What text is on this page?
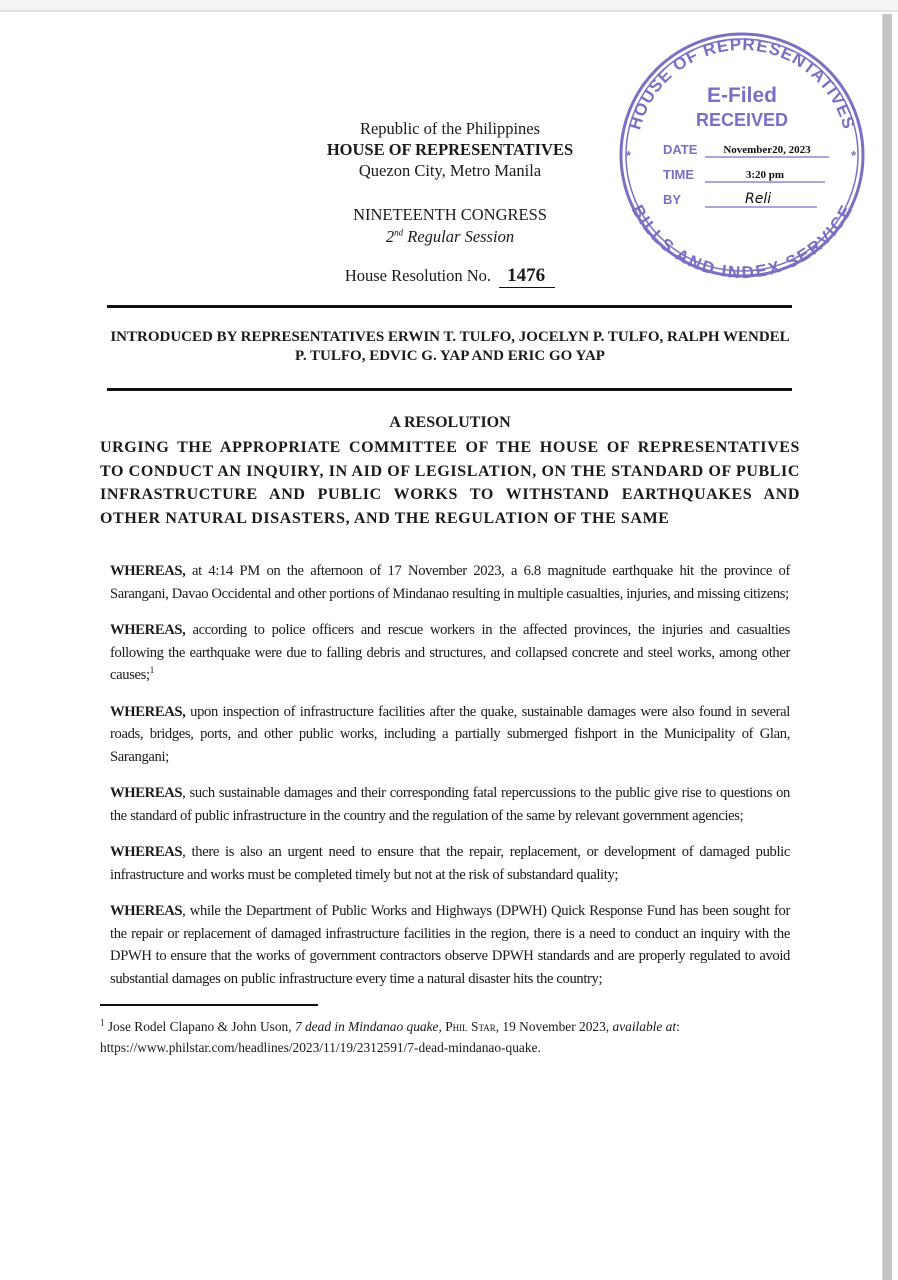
Republic of the Philippines
HOUSE OF REPRESENTATIVES
Quezon City, Metro Manila
NINETEENTH CONGRESS
2nd Regular Session
House Resolution No. 1476
HOUSE OF REPRESENTATIVES
BILLS AND INDEX SERVICE
*	*
E-Filed
RECEIVED
DATE
TIME
BY
November20, 2023
3:20 pm
Reli
INTRODUCED BY REPRESENTATIVES ERWIN T. TULFO, JOCELYN P. TULFO, RALPH WENDEL P. TULFO, EDVIC G. YAP AND ERIC GO YAP
A RESOLUTION
URGING THE APPROPRIATE COMMITTEE OF THE HOUSE OF REPRESENTATIVES TO CONDUCT AN INQUIRY, IN AID OF LEGISLATION, ON THE STANDARD OF PUBLIC INFRASTRUCTURE AND PUBLIC WORKS TO WITHSTAND EARTHQUAKES AND OTHER NATURAL DISASTERS, AND THE REGULATION OF THE SAME
WHEREAS, at 4:14 PM on the afternoon of 17 November 2023, a 6.8 magnitude earthquake hit the province of Sarangani, Davao Occidental and other portions of Mindanao resulting in multiple casualties, injuries, and missing citizens;
WHEREAS, according to police officers and rescue workers in the affected provinces, the injuries and casualties following the earthquake were due to falling debris and structures, and collapsed concrete and steel works, among other causes;$^1$
WHEREAS, upon inspection of infrastructure facilities after the quake, sustainable damages were also found in several roads, bridges, ports, and other public works, including a partially submerged fishport in the Municipality of Glan, Sarangani;
WHEREAS, such sustainable damages and their corresponding fatal repercussions to the public give rise to questions on the standard of public infrastructure in the country and the regulation of the same by relevant government agencies;
WHEREAS, there is also an urgent need to ensure that the repair, replacement, or development of damaged public infrastructure and works must be completed timely but not at the risk of substandard quality;
WHEREAS, while the Department of Public Works and Highways (DPWH) Quick Response Fund has been sought for the repair or replacement of damaged infrastructure facilities in the region, there is a need to conduct an inquiry with the DPWH to ensure that the works of government contractors observe DPWH standards and are properly regulated to avoid substantial damages on public infrastructure every time a natural disaster hits the country;
$^1$ Jose Rodel Clapano & John Uson, 7 dead in Mindanao quake, Phil Star, 19 November 2023, available at:
https://www.philstar.com/headlines/2023/11/19/2312591/7-dead-mindanao-quake.
